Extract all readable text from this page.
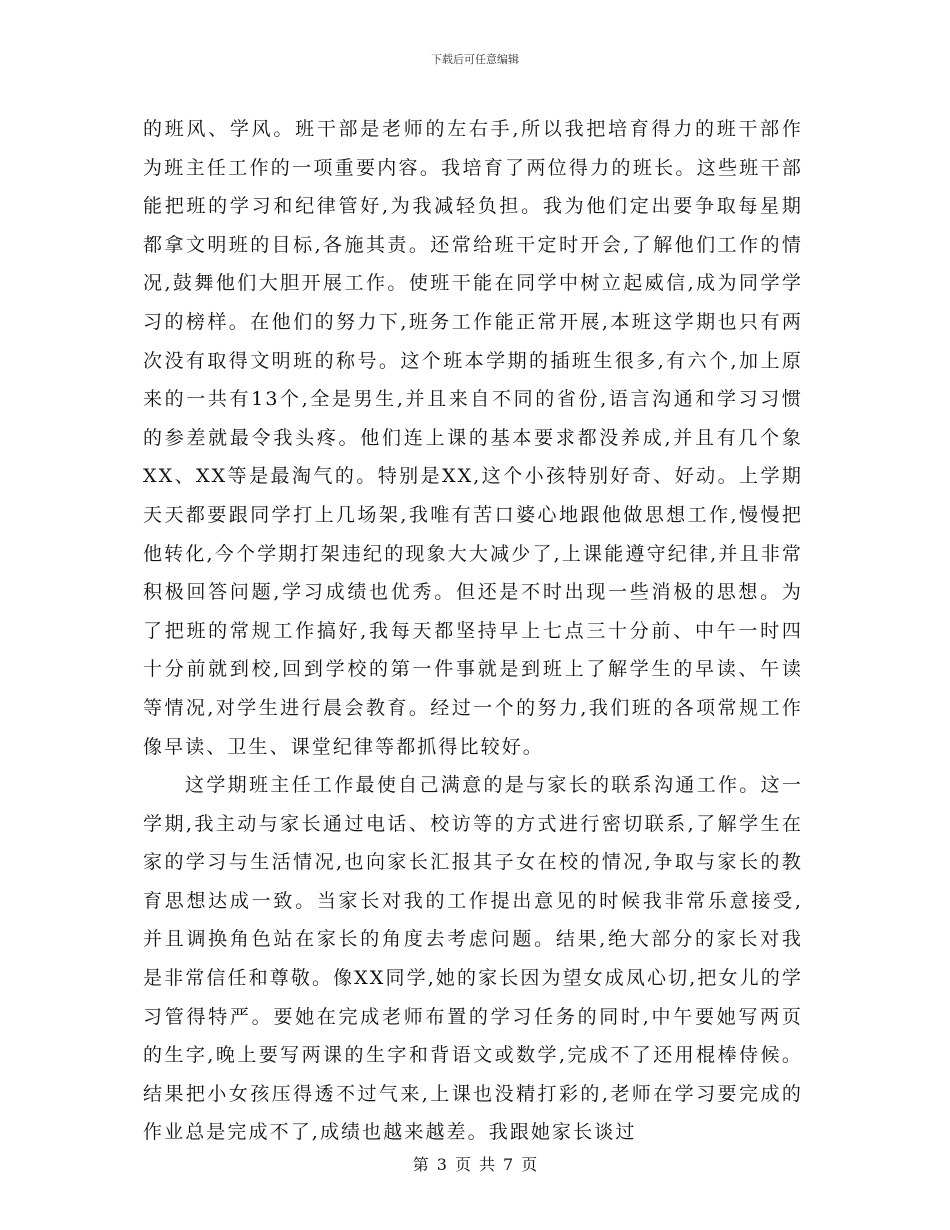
下载后可任意编辑

的班风、学风。班干部是老师的左右手,所以我把培育得力的班干部作为班主任工作的一项重要内容。我培育了两位得力的班长。这些班干部能把班的学习和纪律管好,为我减轻负担。我为他们定出要争取每星期都拿文明班的目标,各施其责。还常给班干定时开会,了解他们工作的情况,鼓舞他们大胆开展工作。使班干能在同学中树立起威信,成为同学学习的榜样。在他们的努力下,班务工作能正常开展,本班这学期也只有两次没有取得文明班的称号。这个班本学期的插班生很多,有六个,加上原来的一共有13个,全是男生,并且来自不同的省份,语言沟通和学习习惯的参差就最令我头疼。他们连上课的基本要求都没养成,并且有几个象XX、XX等是最淘气的。特别是XX,这个小孩特别好奇、好动。上学期天天都要跟同学打上几场架,我唯有苦口婆心地跟他做思想工作,慢慢把他转化,今个学期打架违纪的现象大大减少了,上课能遵守纪律,并且非常积极回答问题,学习成绩也优秀。但还是不时出现一些消极的思想。为了把班的常规工作搞好,我每天都坚持早上七点三十分前、中午一时四十分前就到校,回到学校的第一件事就是到班上了解学生的早读、午读等情况,对学生进行晨会教育。经过一个的努力,我们班的各项常规工作像早读、卫生、课堂纪律等都抓得比较好。

这学期班主任工作最使自己满意的是与家长的联系沟通工作。这一学期,我主动与家长通过电话、校访等的方式进行密切联系,了解学生在家的学习与生活情况,也向家长汇报其子女在校的情况,争取与家长的教育思想达成一致。当家长对我的工作提出意见的时候我非常乐意接受,并且调换角色站在家长的角度去考虑问题。结果,绝大部分的家长对我是非常信任和尊敬。像XX同学,她的家长因为望女成凤心切,把女儿的学习管得特严。要她在完成老师布置的学习任务的同时,中午要她写两页的生字,晚上要写两课的生字和背语文或数学,完成不了还用棍棒侍候。结果把小女孩压得透不过气来,上课也没精打彩的,老师在学习要完成的作业总是完成不了,成绩也越来越差。我跟她家长谈过

第 3 页 共 7 页
